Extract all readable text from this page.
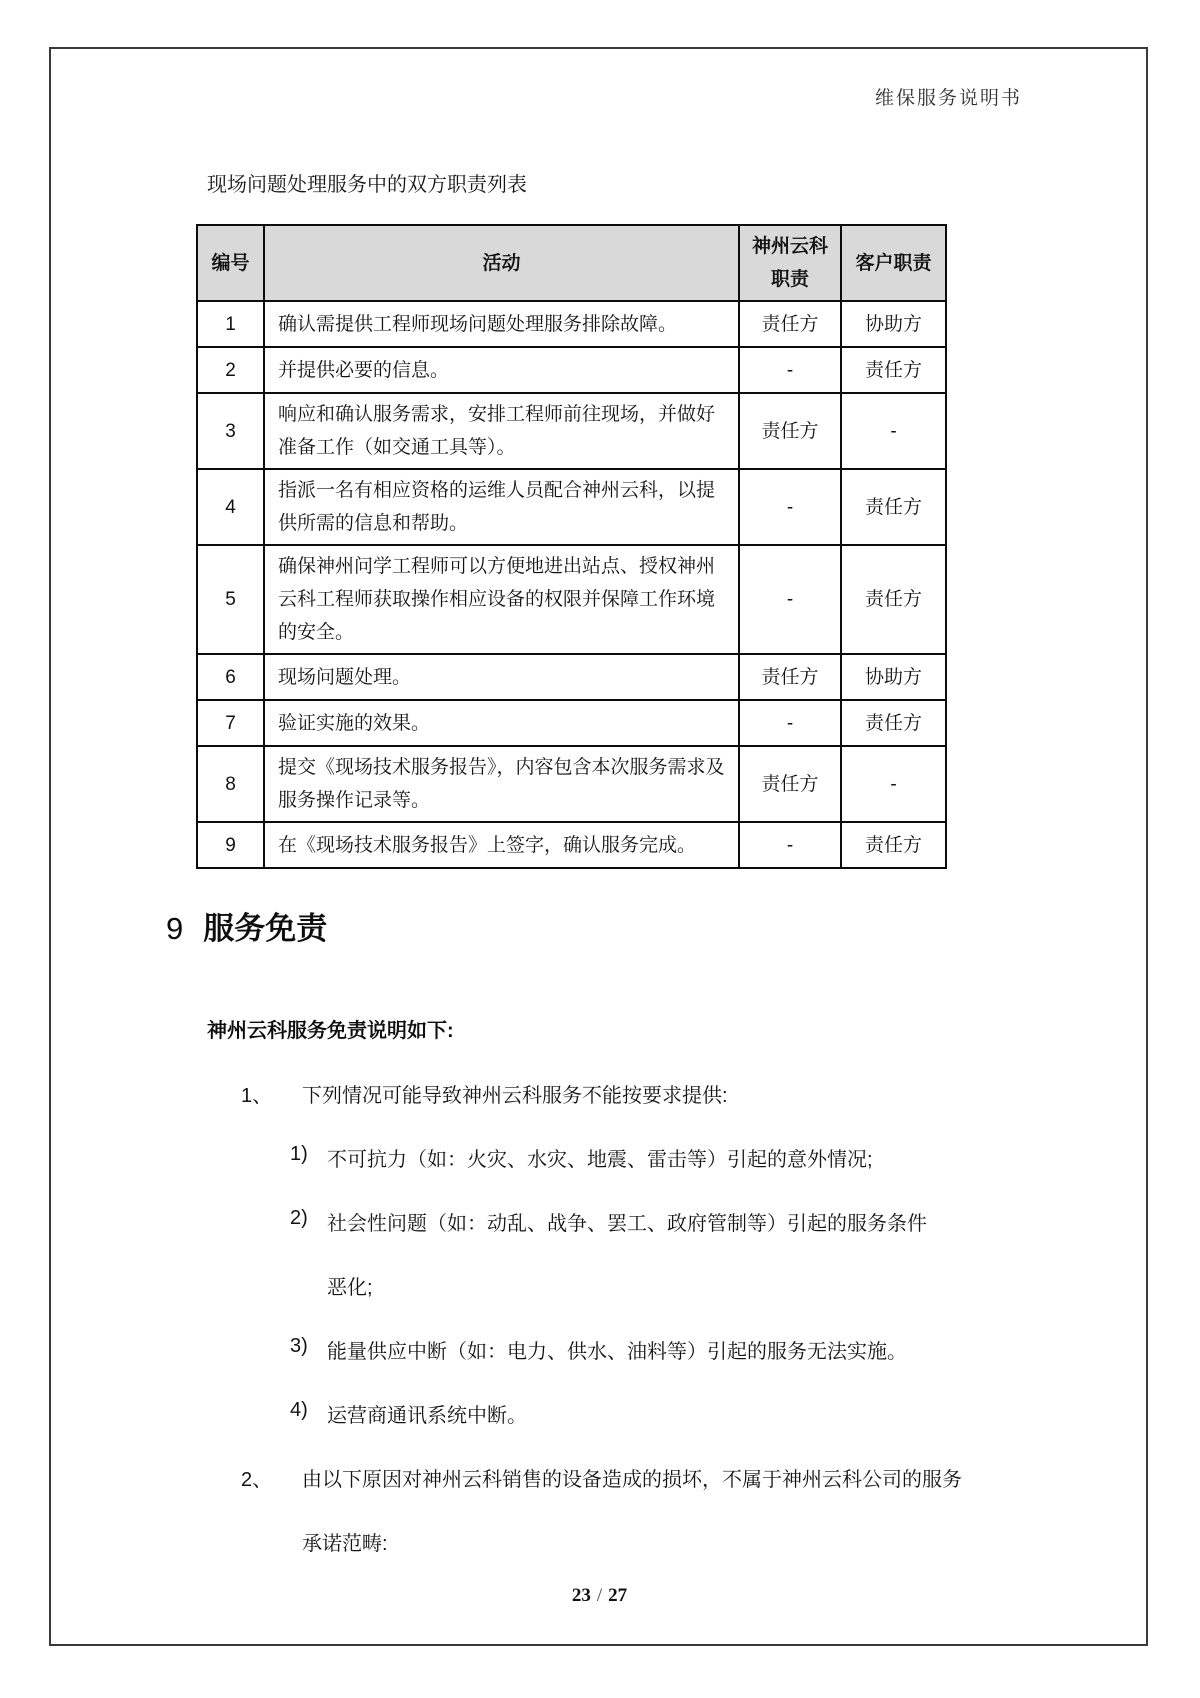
维保服务说明书
现场问题处理服务中的双方职责列表
编号	活动	神州云科职责	客户职责
1	确认需提供工程师现场问题处理服务排除故障。	责任方	协助方
2	并提供必要的信息。	-	责任方
3	响应和确认服务需求，安排工程师前往现场，并做好准备工作（如交通工具等）。	责任方	-
4	指派一名有相应资格的运维人员配合神州云科，以提供所需的信息和帮助。	-	责任方
5	确保神州问学工程师可以方便地进出站点、授权神州云科工程师获取操作相应设备的权限并保障工作环境的安全。	-	责任方
6	现场问题处理。	责任方	协助方
7	验证实施的效果。	-	责任方
8	提交《现场技术服务报告》，内容包含本次服务需求及服务操作记录等。	责任方	-
9	在《现场技术服务报告》上签字，确认服务完成。	-	责任方
9 服务免责
神州云科服务免责说明如下:
1、 下列情况可能导致神州云科服务不能按要求提供:
1) 不可抗力（如：火灾、水灾、地震、雷击等）引起的意外情况;
2) 社会性问题（如：动乱、战争、罢工、政府管制等）引起的服务条件
恶化;
3) 能量供应中断（如：电力、供水、油料等）引起的服务无法实施。
4) 运营商通讯系统中断。
2、 由以下原因对神州云科销售的设备造成的损坏，不属于神州云科公司的服务
承诺范畴:
23 / 27
